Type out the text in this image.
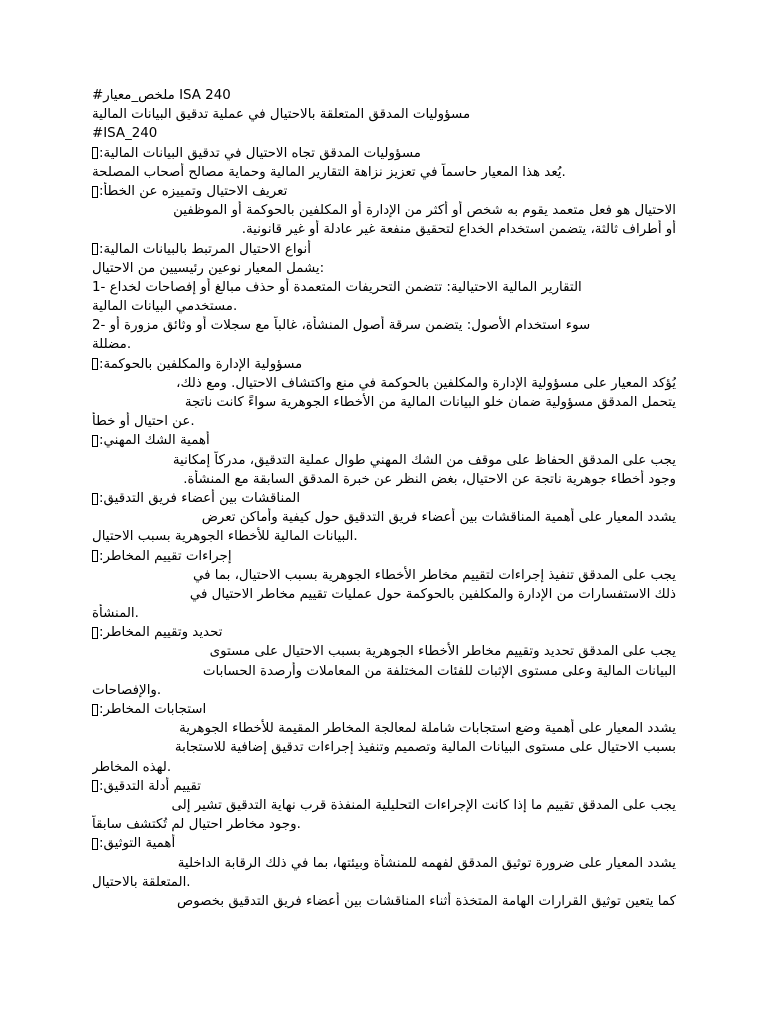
#ملخص_معيار ISA 240
مسؤوليات المدقق المتعلقة بالاحتيال في عملية تدقيق البيانات المالية
#ISA_240
مسؤوليات المدقق تجاه الاحتيال في تدقيق البيانات المالية:
يُعد هذا المعيار حاسماً في تعزيز نزاهة التقارير المالية وحماية مصالح أصحاب المصلحة.
تعريف الاحتيال وتمييزه عن الخطأ:
الاحتيال هو فعل متعمد يقوم به شخص أو أكثر من الإدارة أو المكلفين بالحوكمة أو الموظفين
أو أطراف ثالثة، يتضمن استخدام الخداع لتحقيق منفعة غير عادلة أو غير قانونية.
أنواع الاحتيال المرتبط بالبيانات المالية:
يشمل المعيار نوعين رئيسيين من الاحتيال:
1- التقارير المالية الاحتيالية: تتضمن التحريفات المتعمدة أو حذف مبالغ أو إفصاحات لخداع
مستخدمي البيانات المالية.
2- سوء استخدام الأصول: يتضمن سرقة أصول المنشأة، غالباً مع سجلات أو وثائق مزورة أو
مضللة.
مسؤولية الإدارة والمكلفين بالحوكمة:
يُؤكد المعيار على مسؤولية الإدارة والمكلفين بالحوكمة في منع واكتشاف الاحتيال. ومع ذلك،
يتحمل المدقق مسؤولية ضمان خلو البيانات المالية من الأخطاء الجوهرية سواءً كانت ناتجة
عن احتيال أو خطأ.
أهمية الشك المهني:
يجب على المدقق الحفاظ على موقف من الشك المهني طوال عملية التدقيق، مدركاً إمكانية
وجود أخطاء جوهرية ناتجة عن الاحتيال، بغض النظر عن خبرة المدقق السابقة مع المنشأة.
المناقشات بين أعضاء فريق التدقيق:
يشدد المعيار على أهمية المناقشات بين أعضاء فريق التدقيق حول كيفية وأماكن تعرض
البيانات المالية للأخطاء الجوهرية بسبب الاحتيال.
إجراءات تقييم المخاطر:
يجب على المدقق تنفيذ إجراءات لتقييم مخاطر الأخطاء الجوهرية بسبب الاحتيال، بما في
ذلك الاستفسارات من الإدارة والمكلفين بالحوكمة حول عمليات تقييم مخاطر الاحتيال في
المنشأة.
تحديد وتقييم المخاطر:
يجب على المدقق تحديد وتقييم مخاطر الأخطاء الجوهرية بسبب الاحتيال على مستوى
البيانات المالية وعلى مستوى الإثبات للفئات المختلفة من المعاملات وأرصدة الحسابات
والإفصاحات.
استجابات المخاطر:
يشدد المعيار على أهمية وضع استجابات شاملة لمعالجة المخاطر المقيمة للأخطاء الجوهرية
بسبب الاحتيال على مستوى البيانات المالية وتصميم وتنفيذ إجراءات تدقيق إضافية للاستجابة
لهذه المخاطر.
تقييم أدلة التدقيق:
يجب على المدقق تقييم ما إذا كانت الإجراءات التحليلية المنفذة قرب نهاية التدقيق تشير إلى
وجود مخاطر احتيال لم تُكتشف سابقاً.
أهمية التوثيق:
يشدد المعيار على ضرورة توثيق المدقق لفهمه للمنشأة وبيئتها، بما في ذلك الرقابة الداخلية
المتعلقة بالاحتيال.
كما يتعين توثيق القرارات الهامة المتخذة أثناء المناقشات بين أعضاء فريق التدقيق بخصوص
